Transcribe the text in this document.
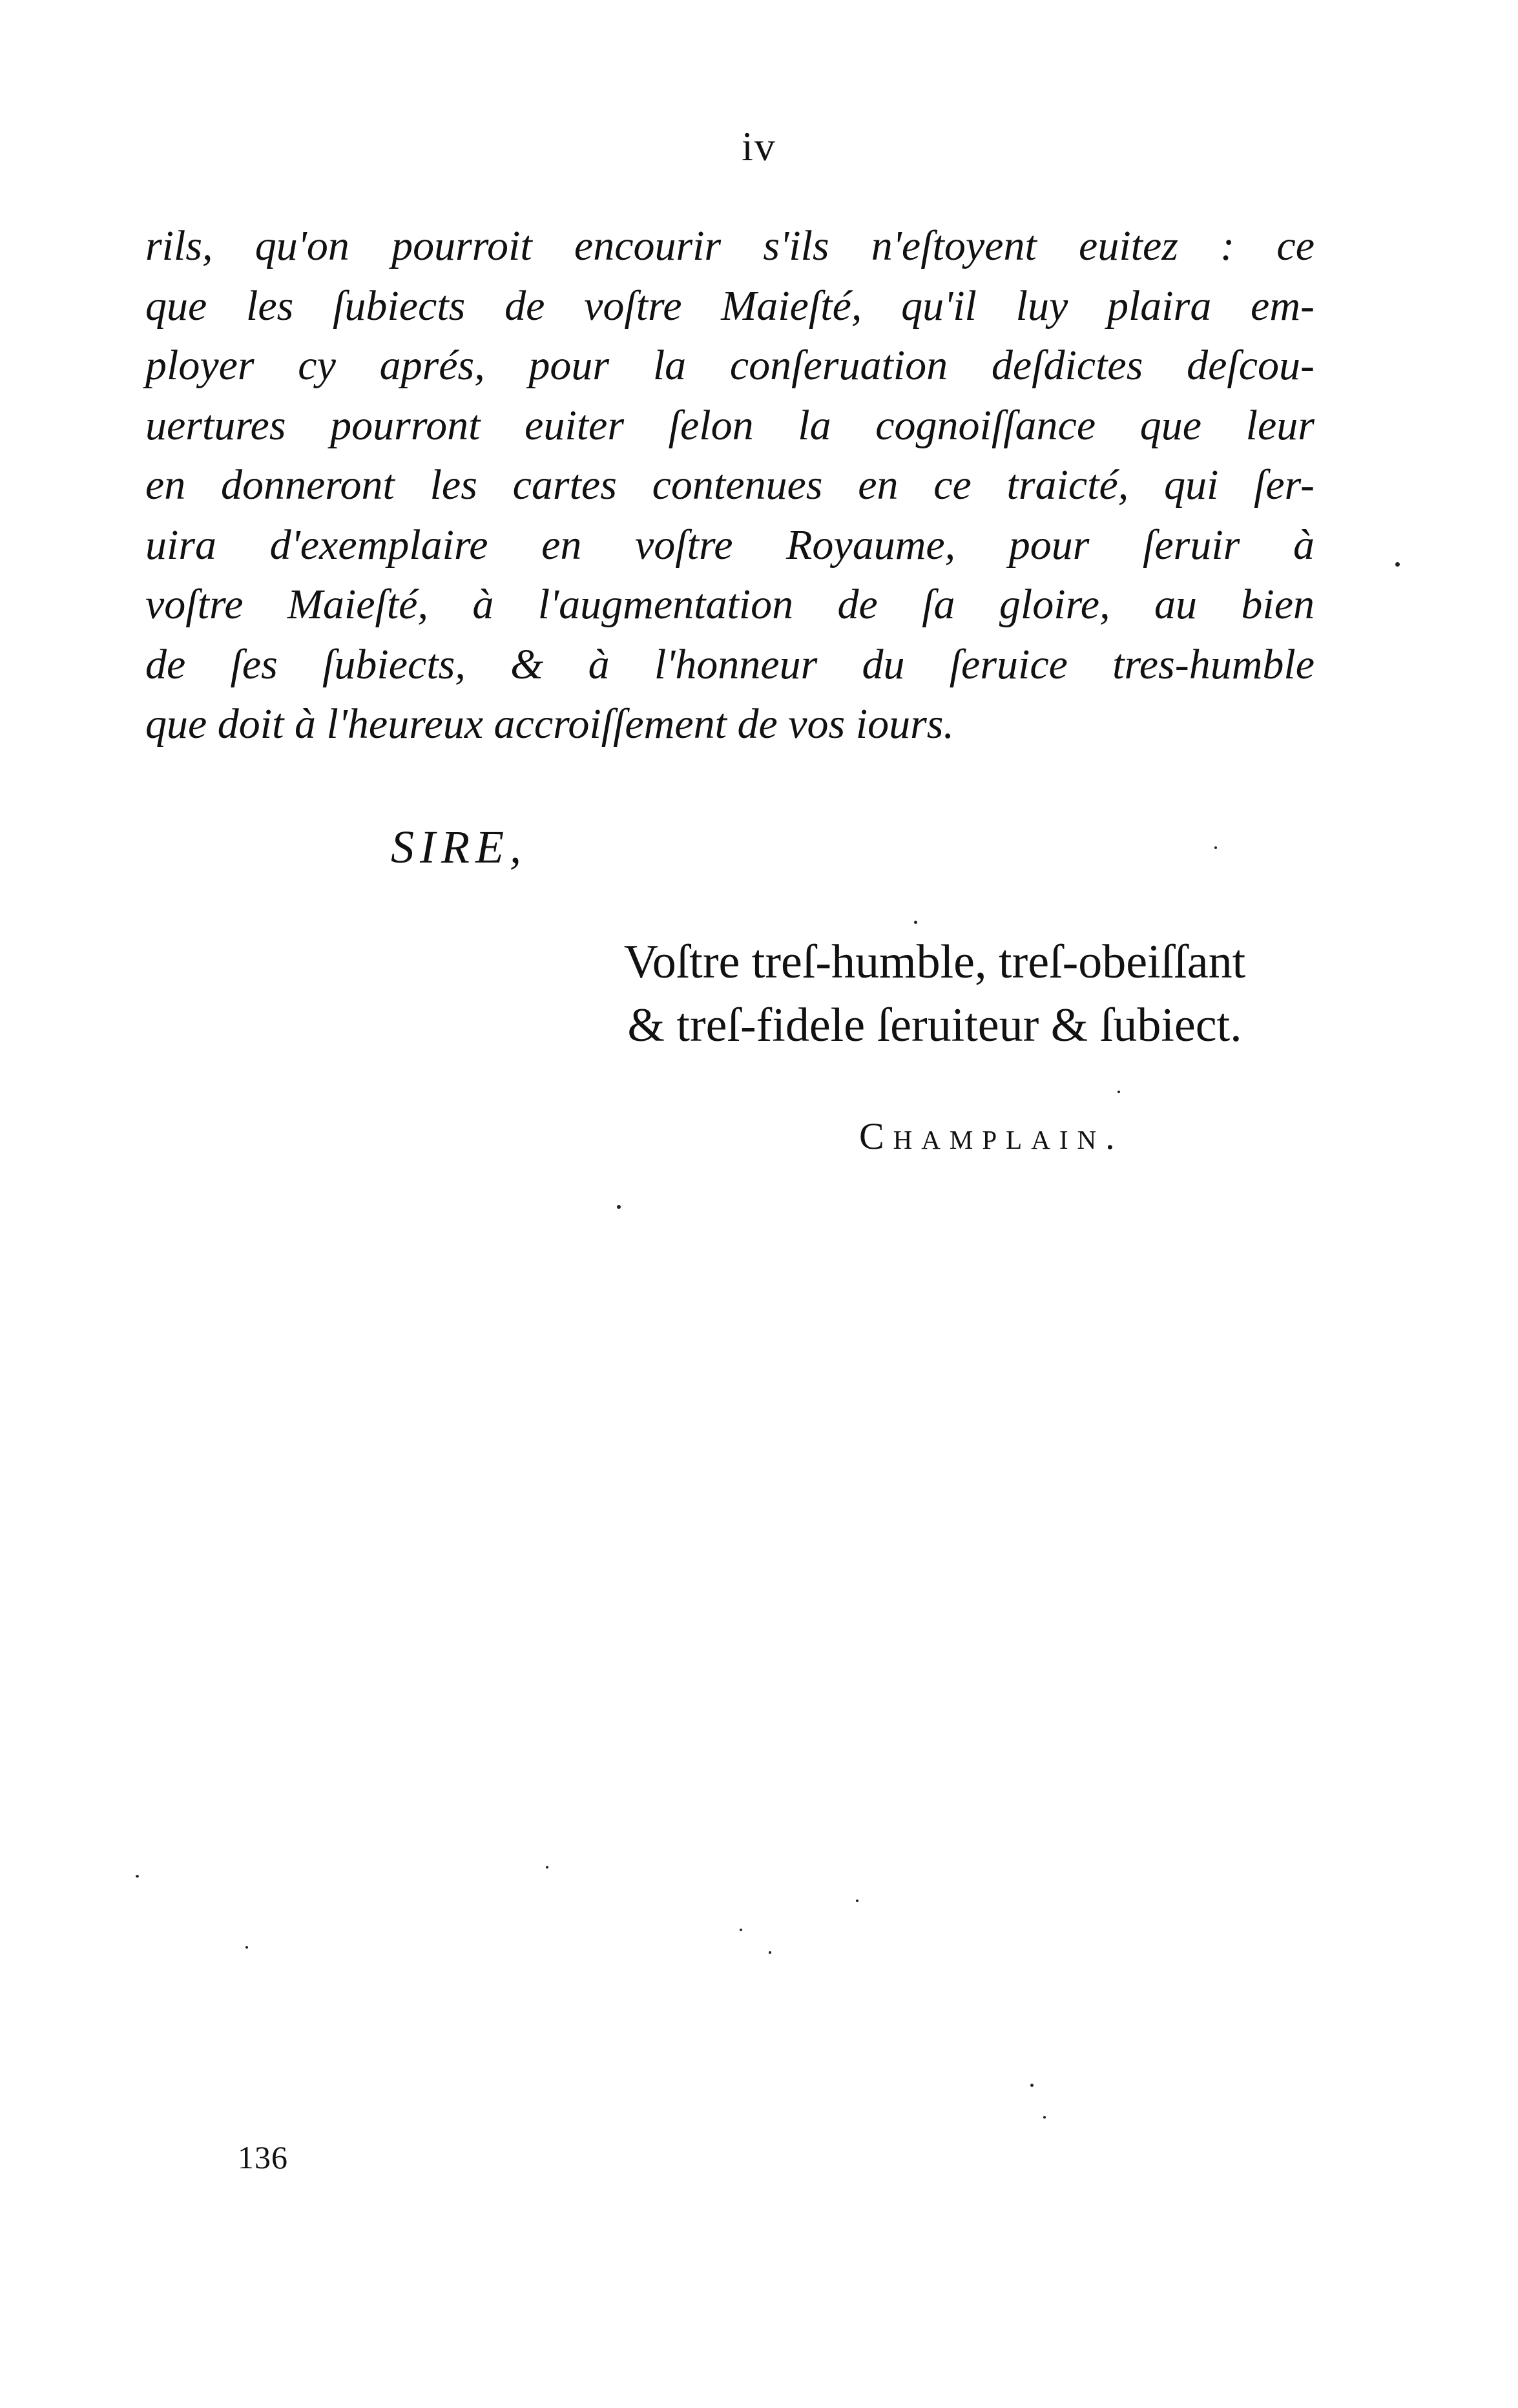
iv
rils, qu'on pourroit encourir s'ils n'eſtoyent euitez : ce
que les ſubiects de voſtre Maieſté, qu'il luy plaira em-
ployer cy aprés, pour la conſeruation deſdictes deſcou-
uertures pourront euiter ſelon la cognoiſſance que leur
en donneront les cartes contenues en ce traicté, qui ſer-
uira d'exemplaire en voſtre Royaume, pour ſeruir à
voſtre Maieſté, à l'augmentation de ſa gloire, au bien
de ſes ſubiects, & à l'honneur du ſeruice tres-humble
que doit à l'heureux accroiſſement de vos iours.
SIRE,
Voſtre treſ-humble, treſ-obeiſſant
& treſ-fidele ſeruiteur & ſubiect.
Champlain.
136
